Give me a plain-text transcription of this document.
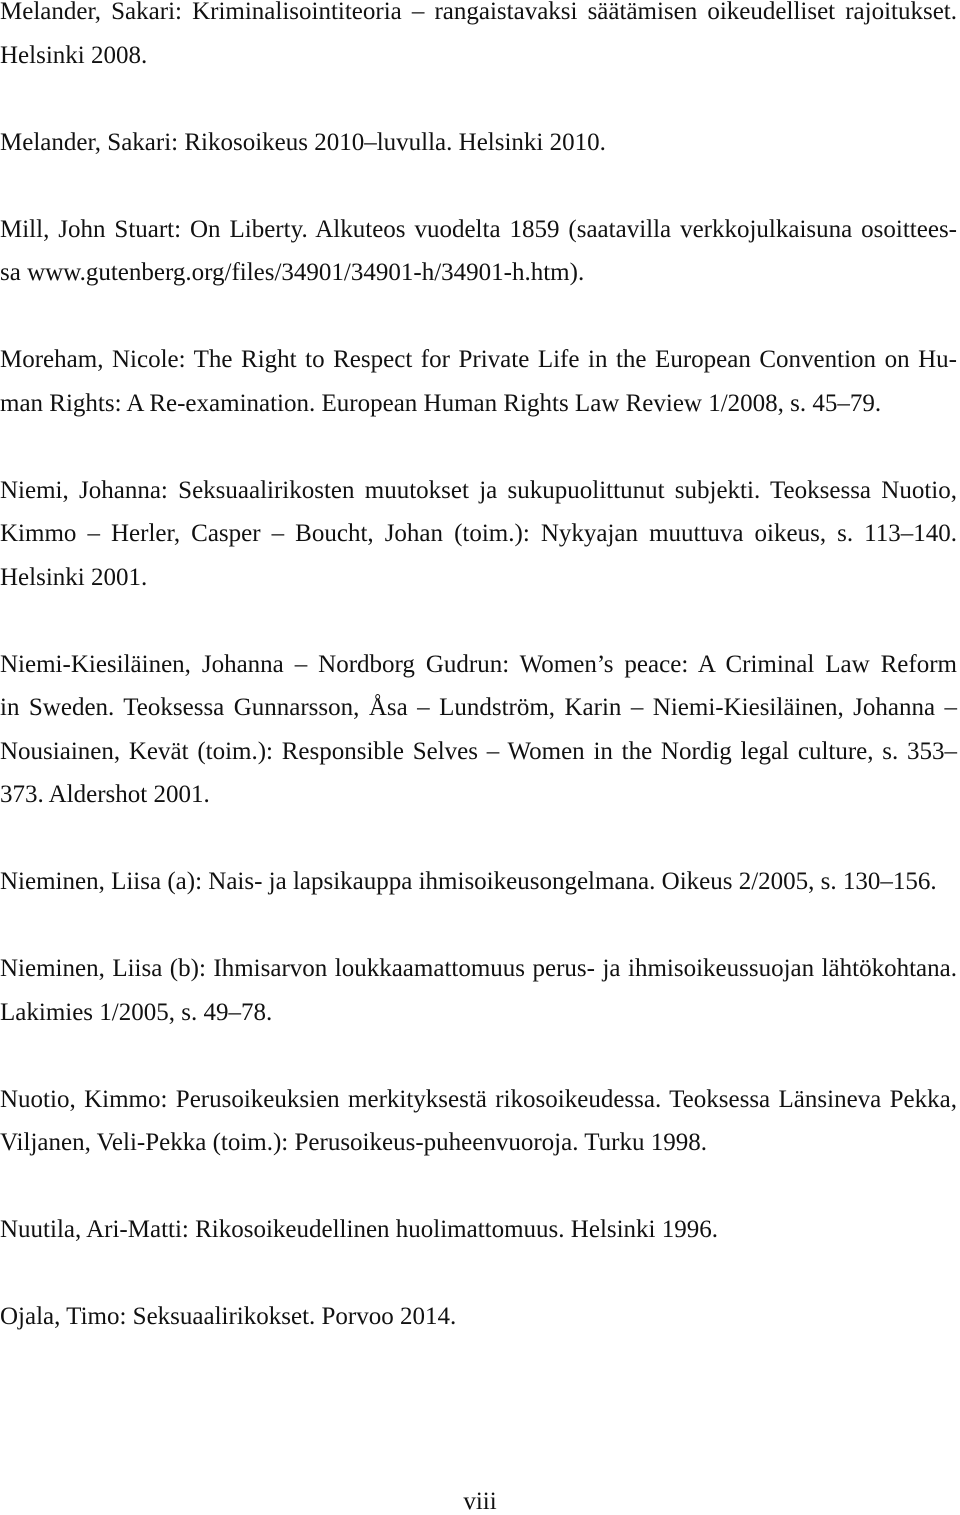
Melander, Sakari: Kriminalisointiteoria – rangaistavaksi säätämisen oikeudelliset rajoitukset.
Helsinki 2008.
Melander, Sakari: Rikosoikeus 2010–luvulla. Helsinki 2010.
Mill, John Stuart: On Liberty. Alkuteos vuodelta 1859 (saatavilla verkkojulkaisuna osoittees-
sa www.gutenberg.org/files/34901/34901-h/34901-h.htm).
Moreham, Nicole: The Right to Respect for Private Life in the European Convention on Hu-
man Rights: A Re-examination. European Human Rights Law Review 1/2008, s. 45–79.
Niemi, Johanna: Seksuaalirikosten muutokset ja sukupuolittunut subjekti. Teoksessa Nuotio,
Kimmo – Herler, Casper – Boucht, Johan (toim.): Nykyajan muuttuva oikeus, s. 113–140.
Helsinki 2001.
Niemi-Kiesiläinen, Johanna – Nordborg Gudrun: Women’s peace: A Criminal Law Reform
in Sweden. Teoksessa Gunnarsson, Åsa – Lundström, Karin – Niemi-Kiesiläinen, Johanna –
Nousiainen, Kevät (toim.): Responsible Selves – Women in the Nordig legal culture, s. 353–
373. Aldershot 2001.
Nieminen, Liisa (a): Nais- ja lapsikauppa ihmisoikeusongelmana. Oikeus 2/2005, s. 130–156.
Nieminen, Liisa (b): Ihmisarvon loukkaamattomuus perus- ja ihmisoikeussuojan lähtökohtana.
Lakimies 1/2005, s. 49–78.
Nuotio, Kimmo: Perusoikeuksien merkityksestä rikosoikeudessa. Teoksessa Länsineva Pekka,
Viljanen, Veli-Pekka (toim.): Perusoikeus-puheenvuoroja. Turku 1998.
Nuutila, Ari-Matti: Rikosoikeudellinen huolimattomuus. Helsinki 1996.
Ojala, Timo: Seksuaalirikokset. Porvoo 2014.
viii
